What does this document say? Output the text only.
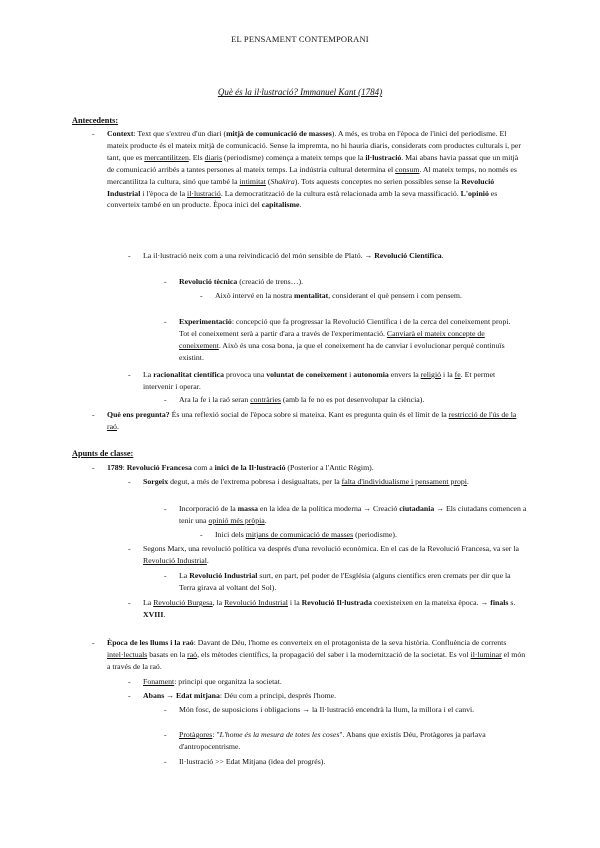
EL PENSAMENT CONTEMPORANI
Què és la il·lustració? Immanuel Kant (1784)
Antecedents:
- Context: Text que s'extreu d'un diari (mitjà de comunicació de masses). A més, es troba en l'època de l'inici del periodisme. El mateix producte és el mateix mitjà de comunicació. Sense la impremta, no hi hauria diaris, considerats com productes culturals i, per tant, que es mercantilitzen. Els diaris (periodisme) comença a mateix temps que la il·lustració. Mai abans havia passat que un mitjà de comunicació arribés a tantes persones al mateix temps. La indústria cultural determina el consum. Al mateix temps, no només es mercantilitza la cultura, sinó que també la intimitat (Shakira). Tots aquests conceptes no serien possibles sense la Revolució Industrial i l'època de la il·lustració. La democratització de la cultura està relacionada amb la seva massificació. L'opinió es converteix també en un producte. Època inici del capitalisme.
- La il·lustració neix com a una reivindicació del món sensible de Plató. → Revolució Científica.
- Revolució tècnica (creació de trens…).
- Això intervé en la nostra mentalitat, considerant el què pensem i com pensem.
- Experimentació: concepció que fa progressar la Revolució Científica i de la cerca del coneixement propi. Tot el coneixement serà a partir d'ara a través de l'experimentació. Canviarà el mateix concepte de coneixement. Això és una cosa bona, ja que el coneixement ha de canviar i evolucionar perquè continuïs existint.
- La racionalitat científica provoca una voluntat de coneixement i autonomia envers la religió i la fe. Et permet intervenir i operar.
- Ara la fe i la raó seran contràries (amb la fe no es pot desenvolupar la ciència).
- Què ens pregunta? És una reflexió social de l'època sobre si mateixa. Kant es pregunta quin és el límit de la restricció de l'ús de la raó.
Apunts de classe:
- 1789: Revolució Francesa com a inici de la Il·lustració (Posterior a l'Antic Règim).
- Sorgeix degut, a més de l'extrema pobresa i desigualtats, per la falta d'individualisme i pensament propi.
- Incorporació de la massa en la idea de la política moderna → Creació ciutadania → Els ciutadans comencen a tenir una opinió més pròpia.
- Inici dels mitjans de comunicació de masses (periodisme).
- Segons Marx, una revolució política va després d'una revolució econòmica. En el cas de la Revolució Francesa, va ser la Revolució Industrial.
- La Revolució Industrial surt, en part, pel poder de l'Església (alguns científics eren cremats per dir que la Terra girava al voltant del Sol).
- La Revolució Burgesa, la Revolució Industrial i la Revolució Il·lustrada coexisteixen en la mateixa època. → finals s. XVIII.
- Època de les llums i la raó: Davant de Déu, l'home es converteix en el protagonista de la seva història. Confluència de corrents intel·lectuals basats en la raó, els mètodes científics, la propagació del saber i la modernització de la societat. Es vol il·luminar el món a través de la raó.
- Fonament: principi que organitza la societat.
- Abans → Edat mitjana: Déu com a principi, després l'home.
- Món fosc, de suposicions i obligacions → la Il·lustració encendrà la llum, la millora i el canvi.
- Protàgores: "L'home és la mesura de totes les coses". Abans que existís Déu, Protàgores ja parlava d'antropocentrisme.
- Il·lustració >> Edat Mitjana (idea del progrés).
